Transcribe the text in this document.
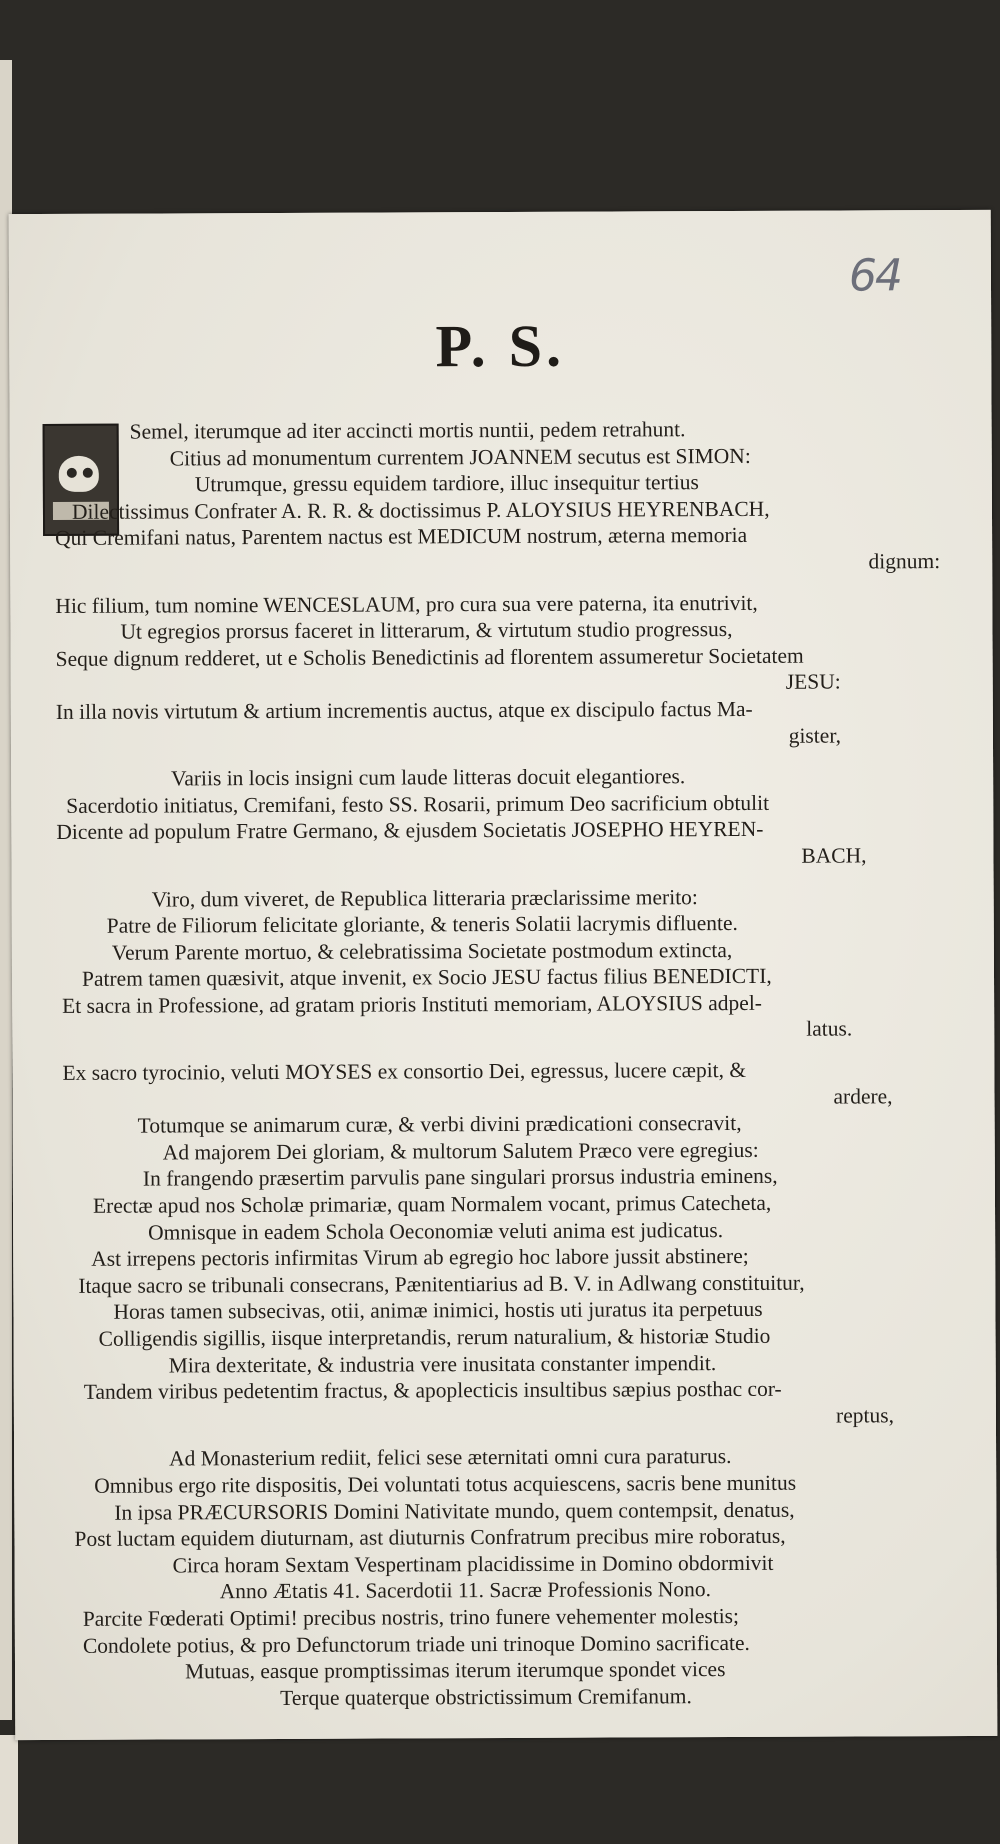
64
P. S.
Semel, iterumque ad iter accincti mortis nuntii, pedem retrahunt.
Citius ad monumentum currentem JOANNEM secutus est SIMON:
Utrumque, gressu equidem tardiore, illuc insequitur tertius
Dilectissimus Confrater A. R. R. & doctissimus P. ALOYSIUS HEYRENBACH,
Qui Cremifani natus, Parentem nactus est MEDICUM nostrum, æterna memoria
dignum:
Hic filium, tum nomine WENCESLAUM, pro cura sua vere paterna, ita enutrivit,
Ut egregios prorsus faceret in litterarum, & virtutum studio progressus,
Seque dignum redderet, ut e Scholis Benedictinis ad florentem assumeretur Societatem
JESU:
In illa novis virtutum & artium incrementis auctus, atque ex discipulo factus Ma-
gister,
Variis in locis insigni cum laude litteras docuit elegantiores.
Sacerdotio initiatus, Cremifani, festo SS. Rosarii, primum Deo sacrificium obtulit
Dicente ad populum Fratre Germano, & ejusdem Societatis JOSEPHO HEYREN-
BACH,
Viro, dum viveret, de Republica litteraria præclarissime merito:
Patre de Filiorum felicitate gloriante, & teneris Solatii lacrymis difluente.
Verum Parente mortuo, & celebratissima Societate postmodum extincta,
Patrem tamen quæsivit, atque invenit, ex Socio JESU factus filius BENEDICTI,
Et sacra in Professione, ad gratam prioris Instituti memoriam, ALOYSIUS adpel-
latus.
Ex sacro tyrocinio, veluti MOYSES ex consortio Dei, egressus, lucere cæpit, &
ardere,
Totumque se animarum curæ, & verbi divini prædicationi consecravit,
Ad majorem Dei gloriam, & multorum Salutem Præco vere egregius:
In frangendo præsertim parvulis pane singulari prorsus industria eminens,
Erectæ apud nos Scholæ primariæ, quam Normalem vocant, primus Catecheta,
Omnisque in eadem Schola Oeconomiæ veluti anima est judicatus.
Ast irrepens pectoris infirmitas Virum ab egregio hoc labore jussit abstinere;
Itaque sacro se tribunali consecrans, Pænitentiarius ad B. V. in Adlwang constituitur,
Horas tamen subsecivas, otii, animæ inimici, hostis uti juratus ita perpetuus
Colligendis sigillis, iisque interpretandis, rerum naturalium, & historiæ Studio
Mira dexteritate, & industria vere inusitata constanter impendit.
Tandem viribus pedetentim fractus, & apoplecticis insultibus sæpius posthac cor-
reptus,
Ad Monasterium rediit, felici sese æternitati omni cura paraturus.
Omnibus ergo rite dispositis, Dei voluntati totus acquiescens, sacris bene munitus
In ipsa PRÆCURSORIS Domini Nativitate mundo, quem contempsit, denatus,
Post luctam equidem diuturnam, ast diuturnis Confratrum precibus mire roboratus,
Circa horam Sextam Vespertinam placidissime in Domino obdormivit
Anno Ætatis 41. Sacerdotii 11. Sacræ Professionis Nono.
Parcite Fœderati Optimi! precibus nostris, trino funere vehementer molestis;
Condolete potius, & pro Defunctorum triade uni trinoque Domino sacrificate.
Mutuas, easque promptissimas iterum iterumque spondet vices
Terque quaterque obstrictissimum Cremifanum.
